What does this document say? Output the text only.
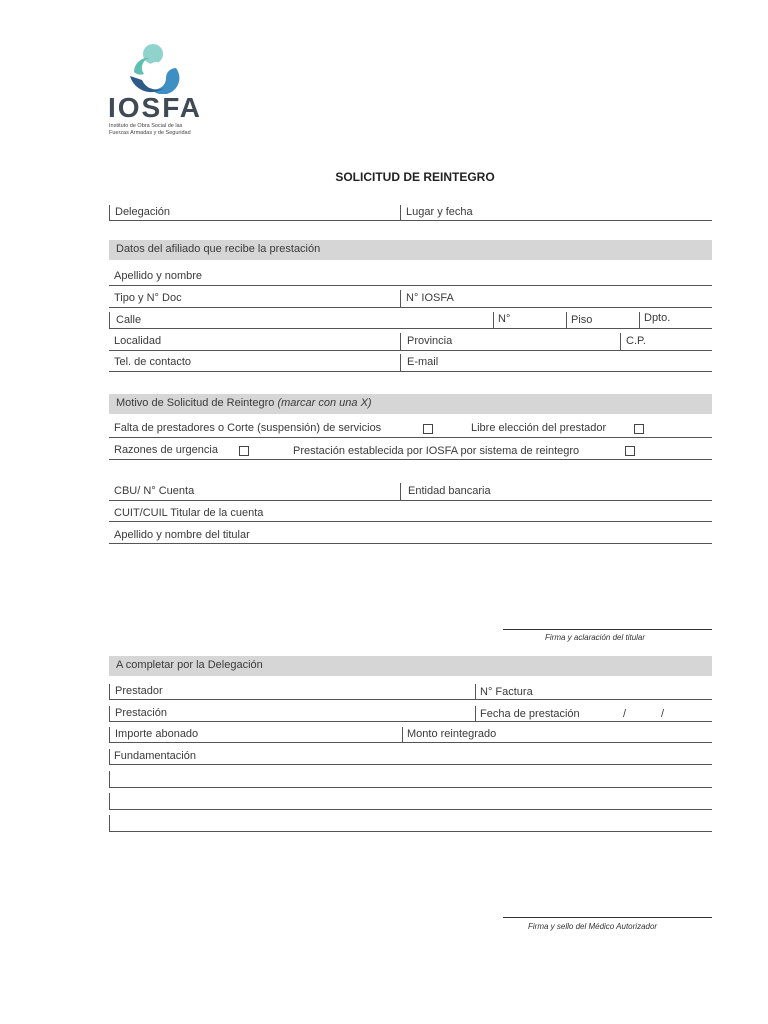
IOSFA
Instituto de Obra Social de las
Fuerzas Armadas y de Seguridad
SOLICITUD DE REINTEGRO
Delegación	Lugar y fecha
Datos del afiliado que recibe la prestación
Apellido y nombre
Tipo y N° Doc	N° IOSFA
Calle	N°	Piso	Dpto.
Localidad	Provincia	C.P.
Tel. de contacto	E-mail
Motivo de Solicitud de Reintegro (marcar con una X)
Falta de prestadores o Corte (suspensión) de servicios	Libre elección del prestador
Razones de urgencia	Prestación establecida por IOSFA por sistema de reintegro
CBU/ N° Cuenta	Entidad bancaria
CUIT/CUIL Titular de la cuenta
Apellido y nombre del titular
Firma y aclaración del titular
A completar por la Delegación
Prestador	N° Factura
Prestación	Fecha de prestación	/	/
Importe abonado	Monto reintegrado
Fundamentación
Firma y sello del Médico Autorizador
